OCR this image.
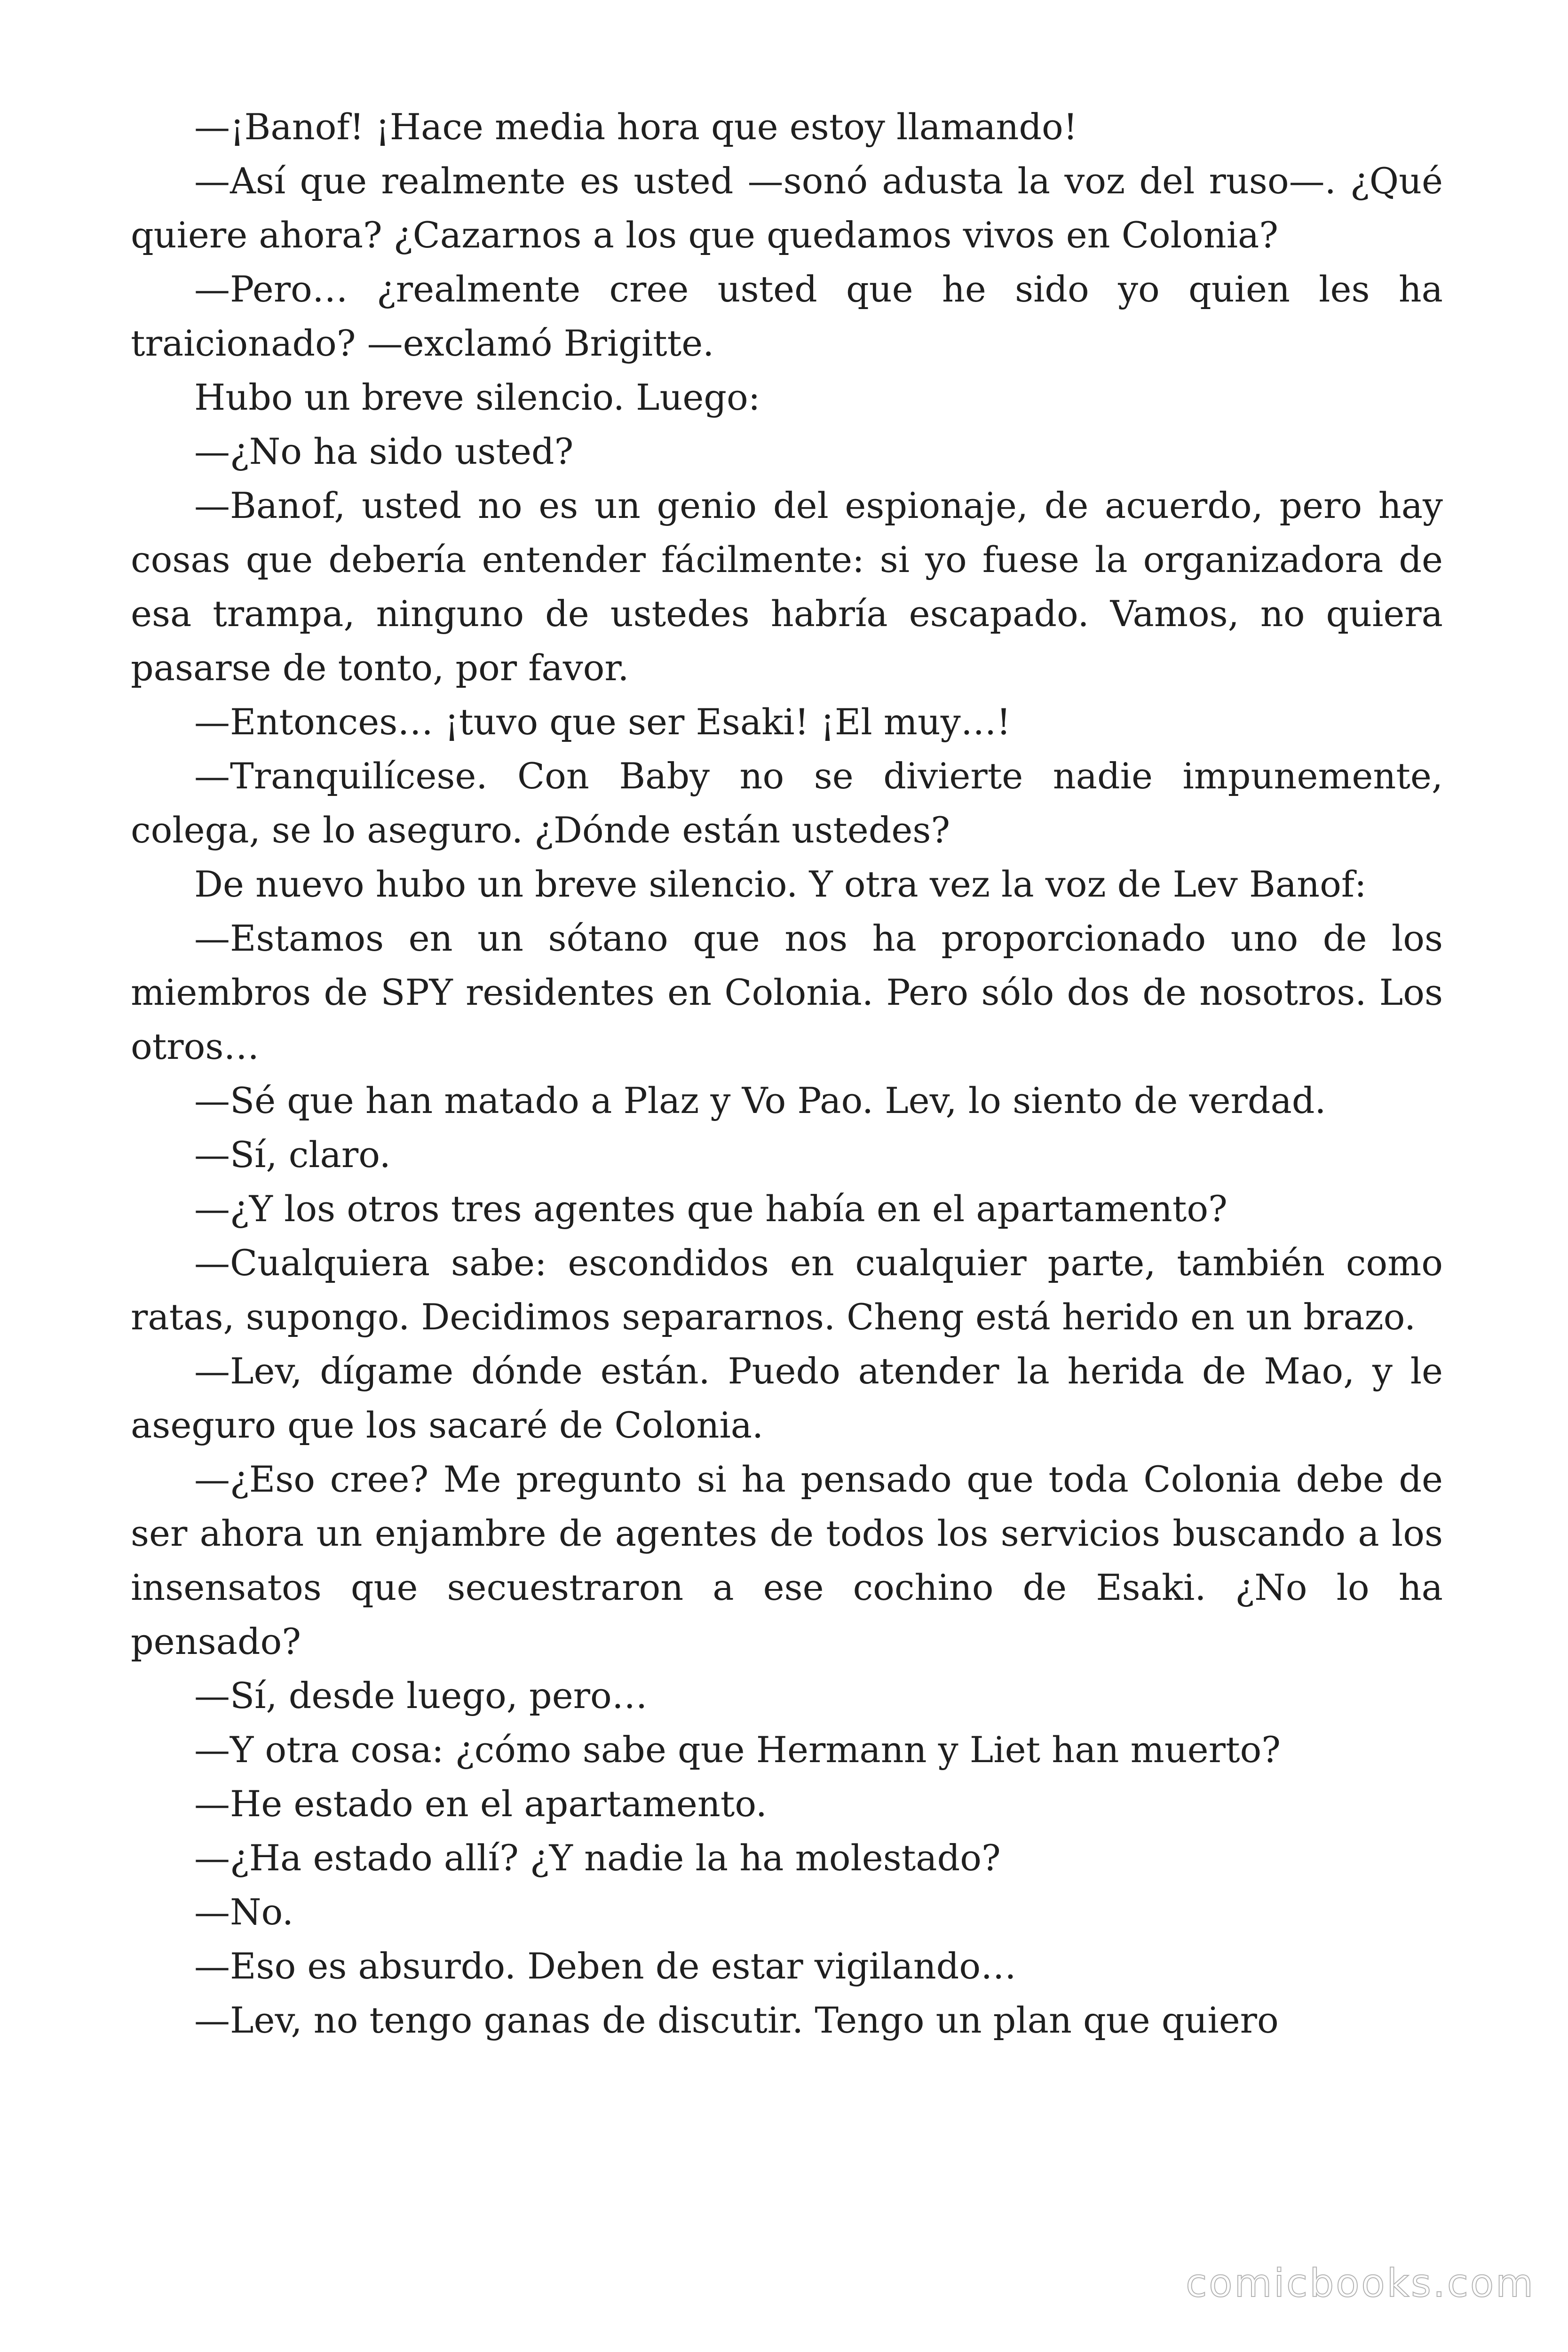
—¡Banof! ¡Hace media hora que estoy llamando!

—Así que realmente es usted —sonó adusta la voz del ruso—. ¿Qué quiere ahora? ¿Cazarnos a los que quedamos vivos en Colonia?

—Pero… ¿realmente cree usted que he sido yo quien les ha traicionado? —exclamó Brigitte.

Hubo un breve silencio. Luego:

—¿No ha sido usted?

—Banof, usted no es un genio del espionaje, de acuerdo, pero hay cosas que debería entender fácilmente: si yo fuese la organizadora de esa trampa, ninguno de ustedes habría escapado. Vamos, no quiera pasarse de tonto, por favor.

—Entonces… ¡tuvo que ser Esaki! ¡El muy…!

—Tranquilícese. Con Baby no se divierte nadie impunemente, colega, se lo aseguro. ¿Dónde están ustedes?

De nuevo hubo un breve silencio. Y otra vez la voz de Lev Banof:

—Estamos en un sótano que nos ha proporcionado uno de los miembros de SPY residentes en Colonia. Pero sólo dos de nosotros. Los otros…

—Sé que han matado a Plaz y Vo Pao. Lev, lo siento de verdad.

—Sí, claro.

—¿Y los otros tres agentes que había en el apartamento?

—Cualquiera sabe: escondidos en cualquier parte, también como ratas, supongo. Decidimos separarnos. Cheng está herido en un brazo.

—Lev, dígame dónde están. Puedo atender la herida de Mao, y le aseguro que los sacaré de Colonia.

—¿Eso cree? Me pregunto si ha pensado que toda Colonia debe de ser ahora un enjambre de agentes de todos los servicios buscando a los insensatos que secuestraron a ese cochino de Esaki. ¿No lo ha pensado?

—Sí, desde luego, pero…

—Y otra cosa: ¿cómo sabe que Hermann y Liet han muerto?

—He estado en el apartamento.

—¿Ha estado allí? ¿Y nadie la ha molestado?

—No.

—Eso es absurdo. Deben de estar vigilando…

—Lev, no tengo ganas de discutir. Tengo un plan que quiero

comicbooks.com
